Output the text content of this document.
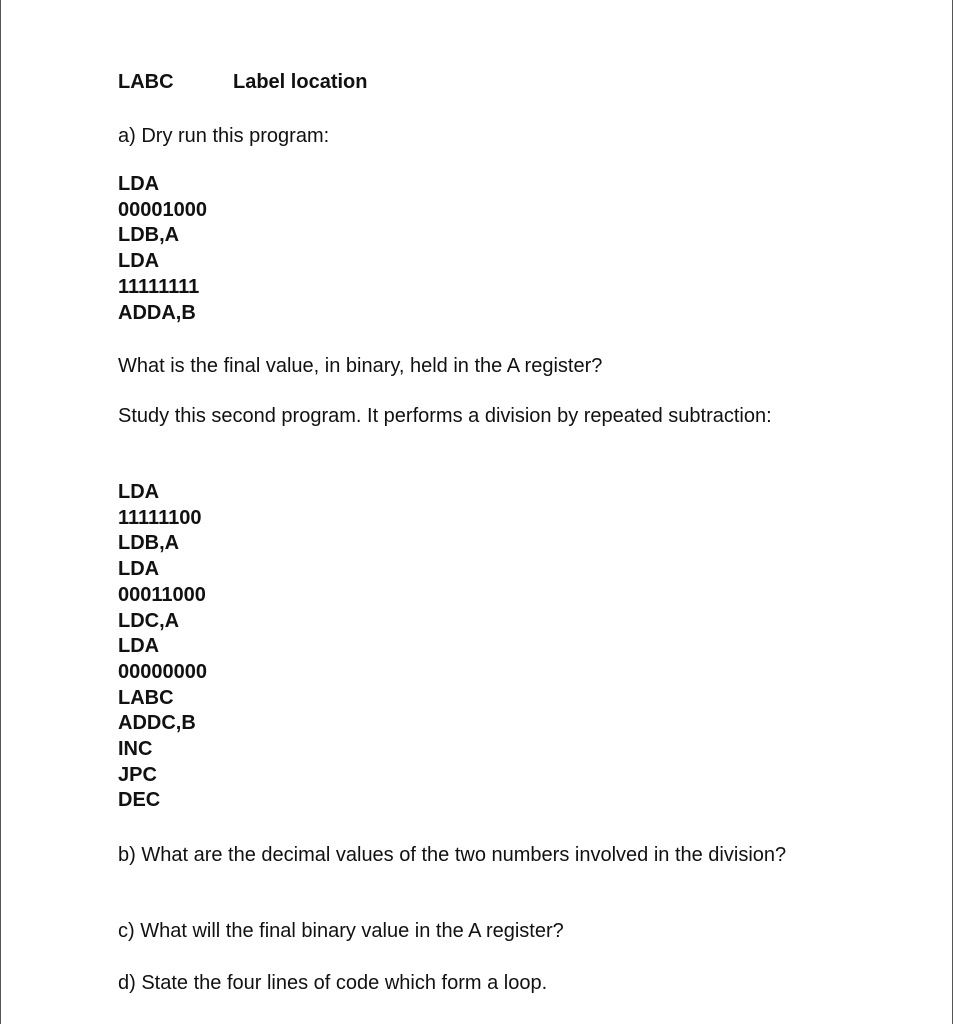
LABC	Label location
a) Dry run this program:
LDA
00001000
LDB,A
LDA
11111111
ADDA,B
What is the final value, in binary, held in the A register?
Study this second program. It performs a division by repeated subtraction:
LDA
11111100
LDB,A
LDA
00011000
LDC,A
LDA
00000000
LABC
ADDC,B
INC
JPC
DEC
b) What are the decimal values of the two numbers involved in the division?
c) What will the final binary value in the A register?
d) State the four lines of code which form a loop.
